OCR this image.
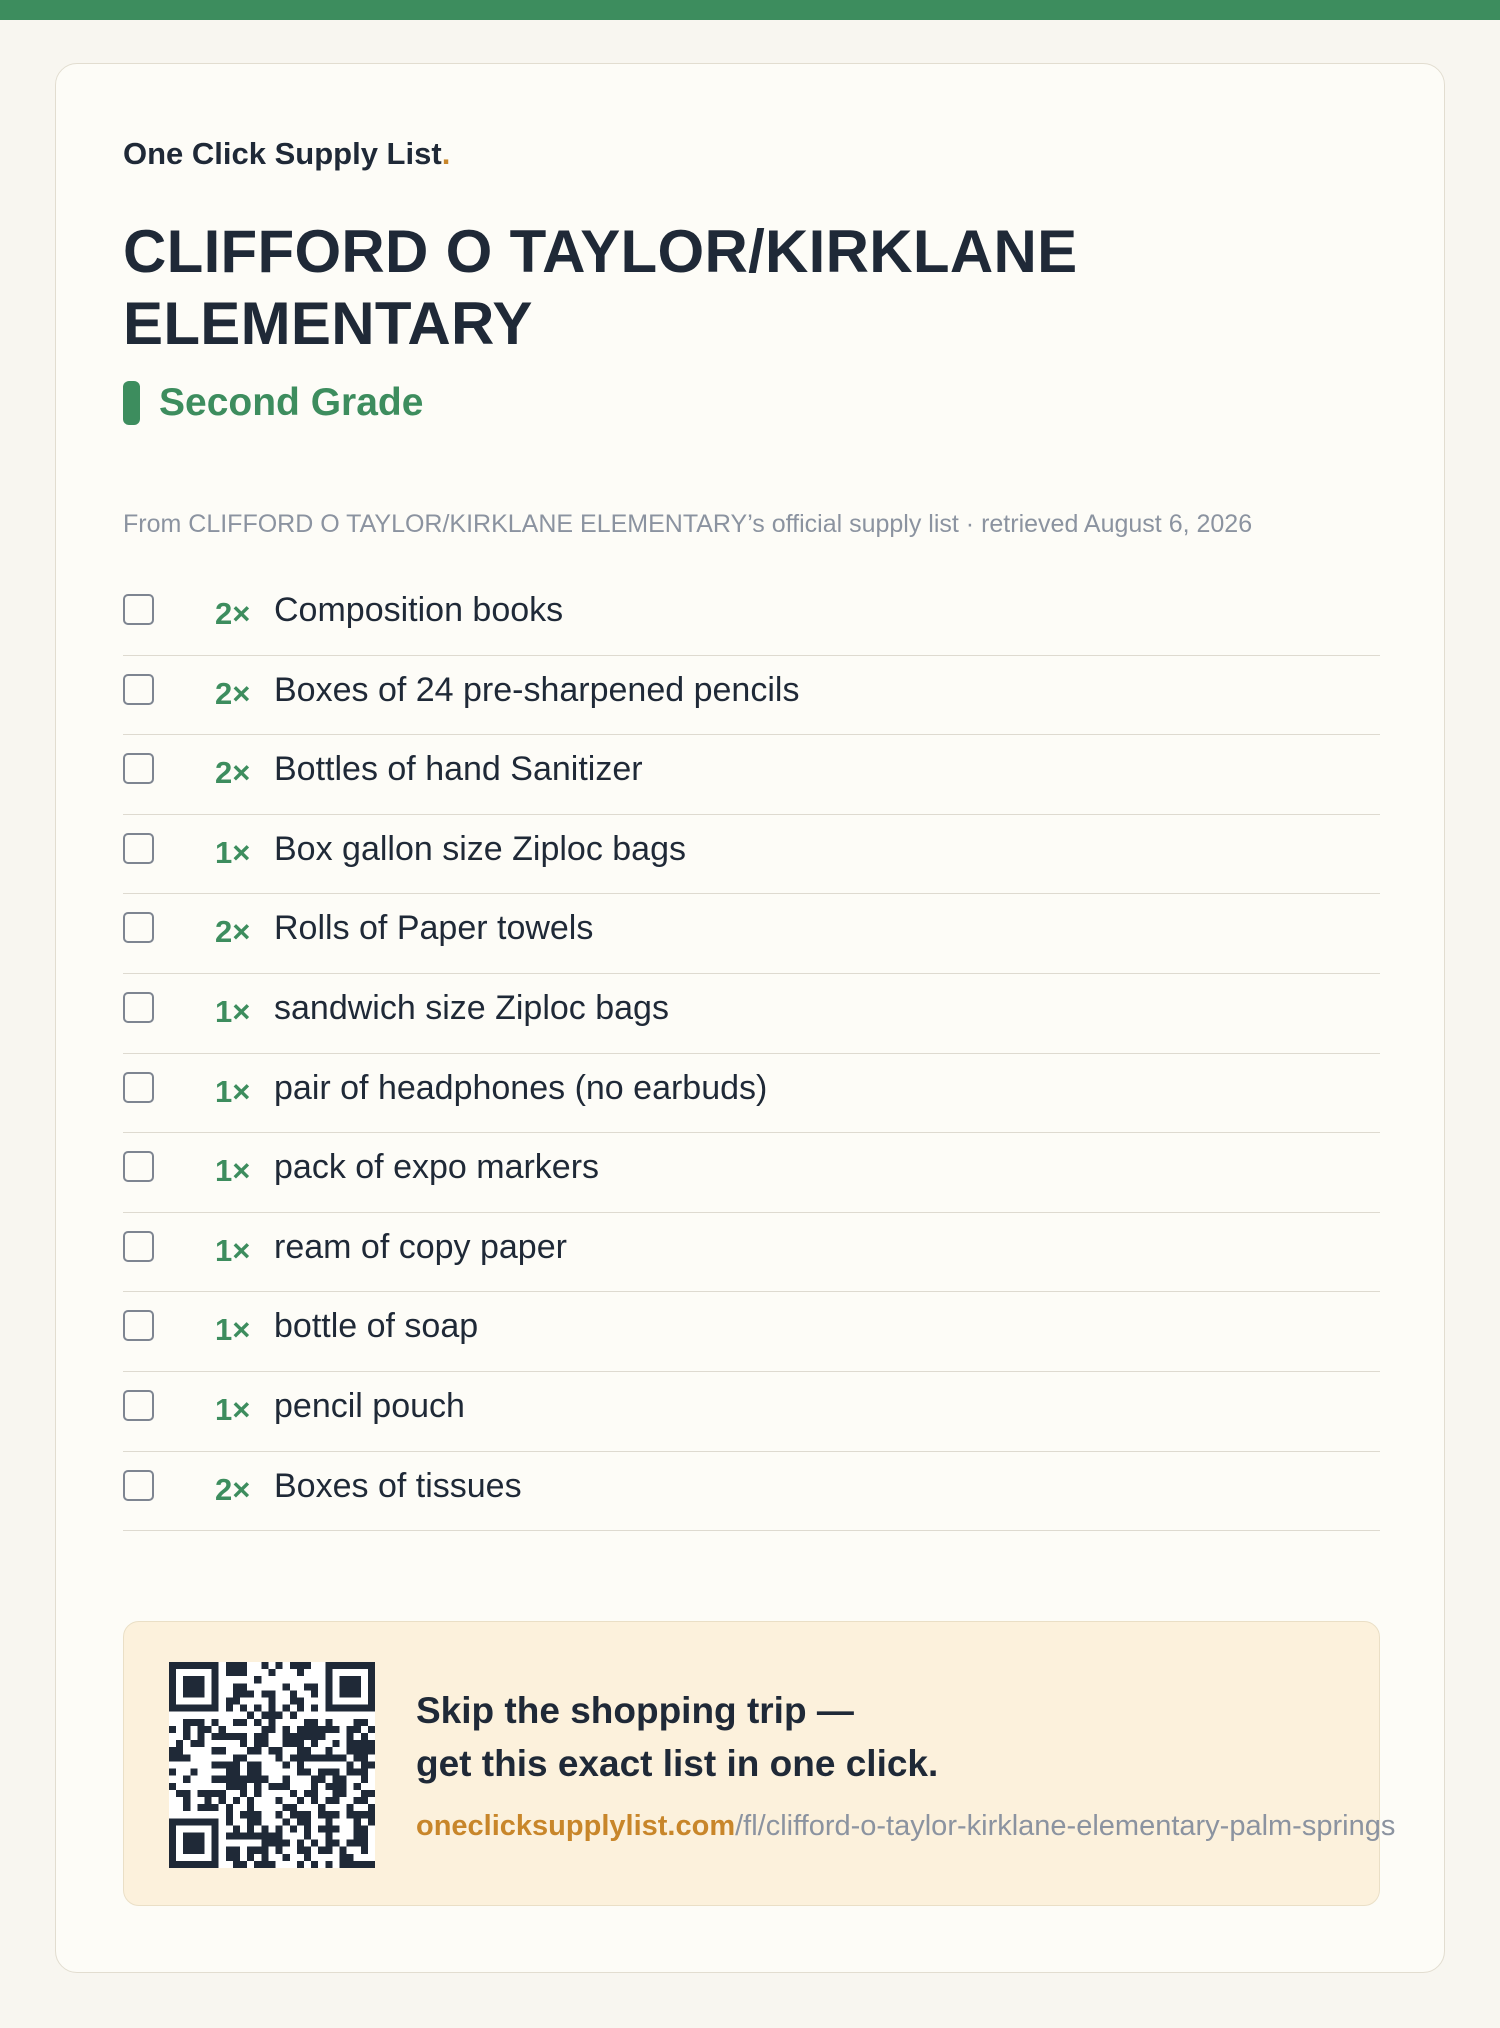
One Click Supply List.
CLIFFORD O TAYLOR/KIRKLANE
ELEMENTARY
Second Grade

From CLIFFORD O TAYLOR/KIRKLANE ELEMENTARY’s official supply list · retrieved August 6, 2026

2× Composition books
2× Boxes of 24 pre-sharpened pencils
2× Bottles of hand Sanitizer
1× Box gallon size Ziploc bags
2× Rolls of Paper towels
1× sandwich size Ziploc bags
1× pair of headphones (no earbuds)
1× pack of expo markers
1× ream of copy paper
1× bottle of soap
1× pencil pouch
2× Boxes of tissues
Skip the shopping trip —
get this exact list in one click.
oneclicksupplylist.com/fl/clifford-o-taylor-kirklane-elementary-palm-springs
